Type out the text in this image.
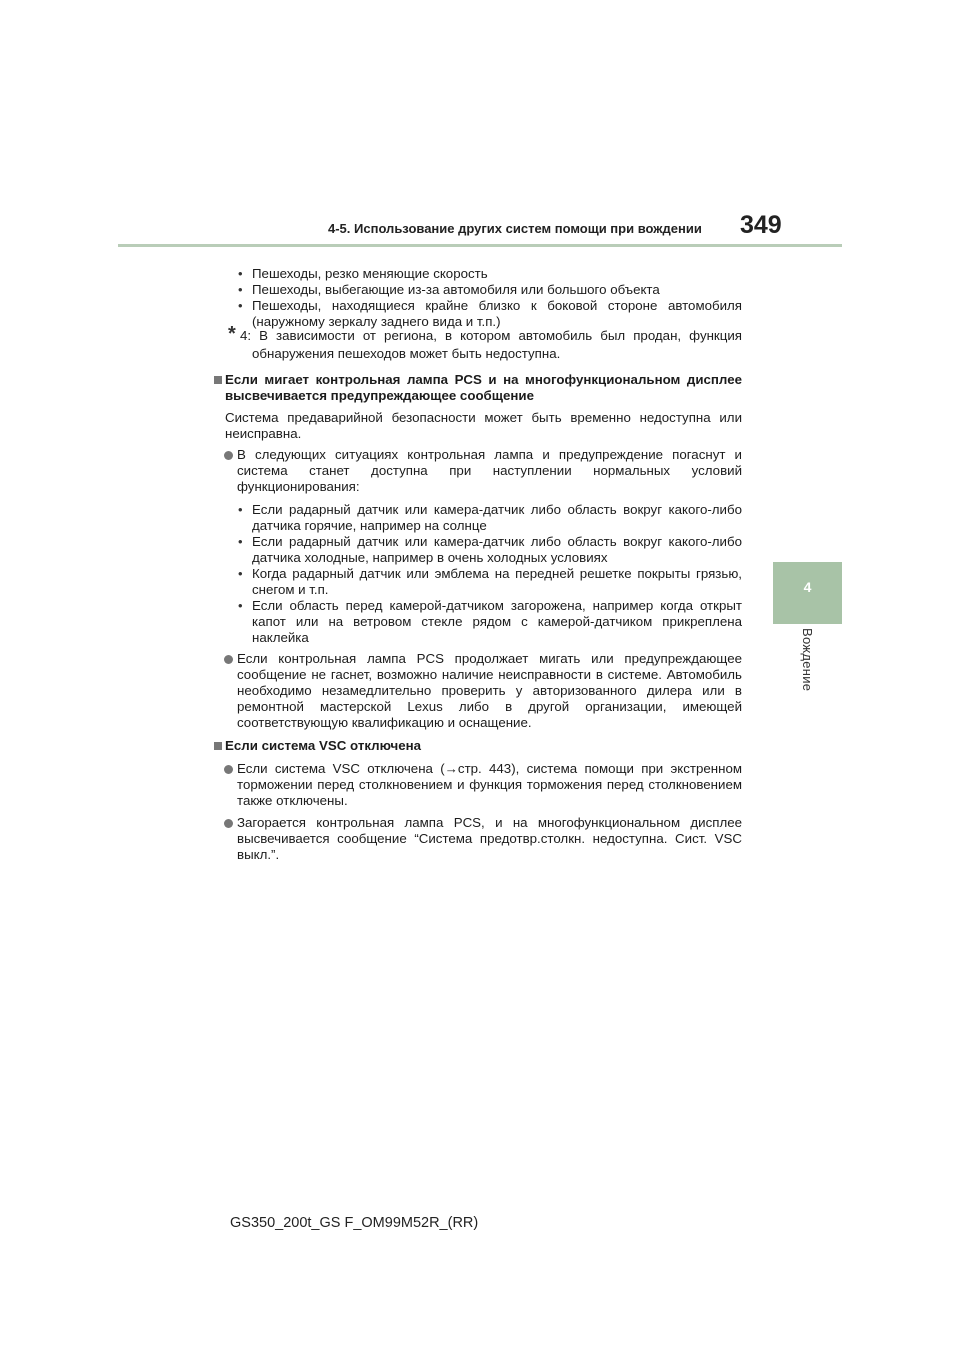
4-5. Использование других систем помощи при вождении 349
4
Вождение
• Пешеходы, резко меняющие скорость
• Пешеходы, выбегающие из-за автомобиля или большого объекта
• Пешеходы, находящиеся крайне близко к боковой стороне автомобиля
(наружному зеркалу заднего вида и т.п.)
* 4: В зависимости от региона, в котором автомобиль был продан, функция
обнаружения пешеходов может быть недоступна.
Если мигает контрольная лампа PCS и на многофункциональном дисплее
высвечивается предупреждающее сообщение
Система предаварийной безопасности может быть временно недоступна или
неисправна.
В следующих ситуациях контрольная лампа и предупреждение погаснут и
система станет доступна при наступлении нормальных условий
функционирования:
• Если радарный датчик или камера-датчик либо область вокруг какого-либо
датчика горячие, например на солнце
• Если радарный датчик или камера-датчик либо область вокруг какого-либо
датчика холодные, например в очень холодных условиях
• Когда радарный датчик или эмблема на передней решетке покрыты грязью,
снегом и т.п.
• Если область перед камерой-датчиком загорожена, например когда открыт
капот или на ветровом стекле рядом с камерой-датчиком прикреплена
наклейка
Если контрольная лампа PCS продолжает мигать или предупреждающее
сообщение не гаснет, возможно наличие неисправности в системе. Автомобиль
необходимо незамедлительно проверить у авторизованного дилера или в
ремонтной мастерской Lexus либо в другой организации, имеющей
соответствующую квалификацию и оснащение.
Если система VSC отключена
Если система VSC отключена (→стр. 443), система помощи при экстренном
торможении перед столкновением и функция торможения перед столкновением
также отключены.
Загорается контрольная лампа PCS, и на многофункциональном дисплее
высвечивается сообщение “Система предотвр.столкн. недоступна. Сист. VSC
выкл.”.
GS350_200t_GS F_OM99M52R_(RR)
